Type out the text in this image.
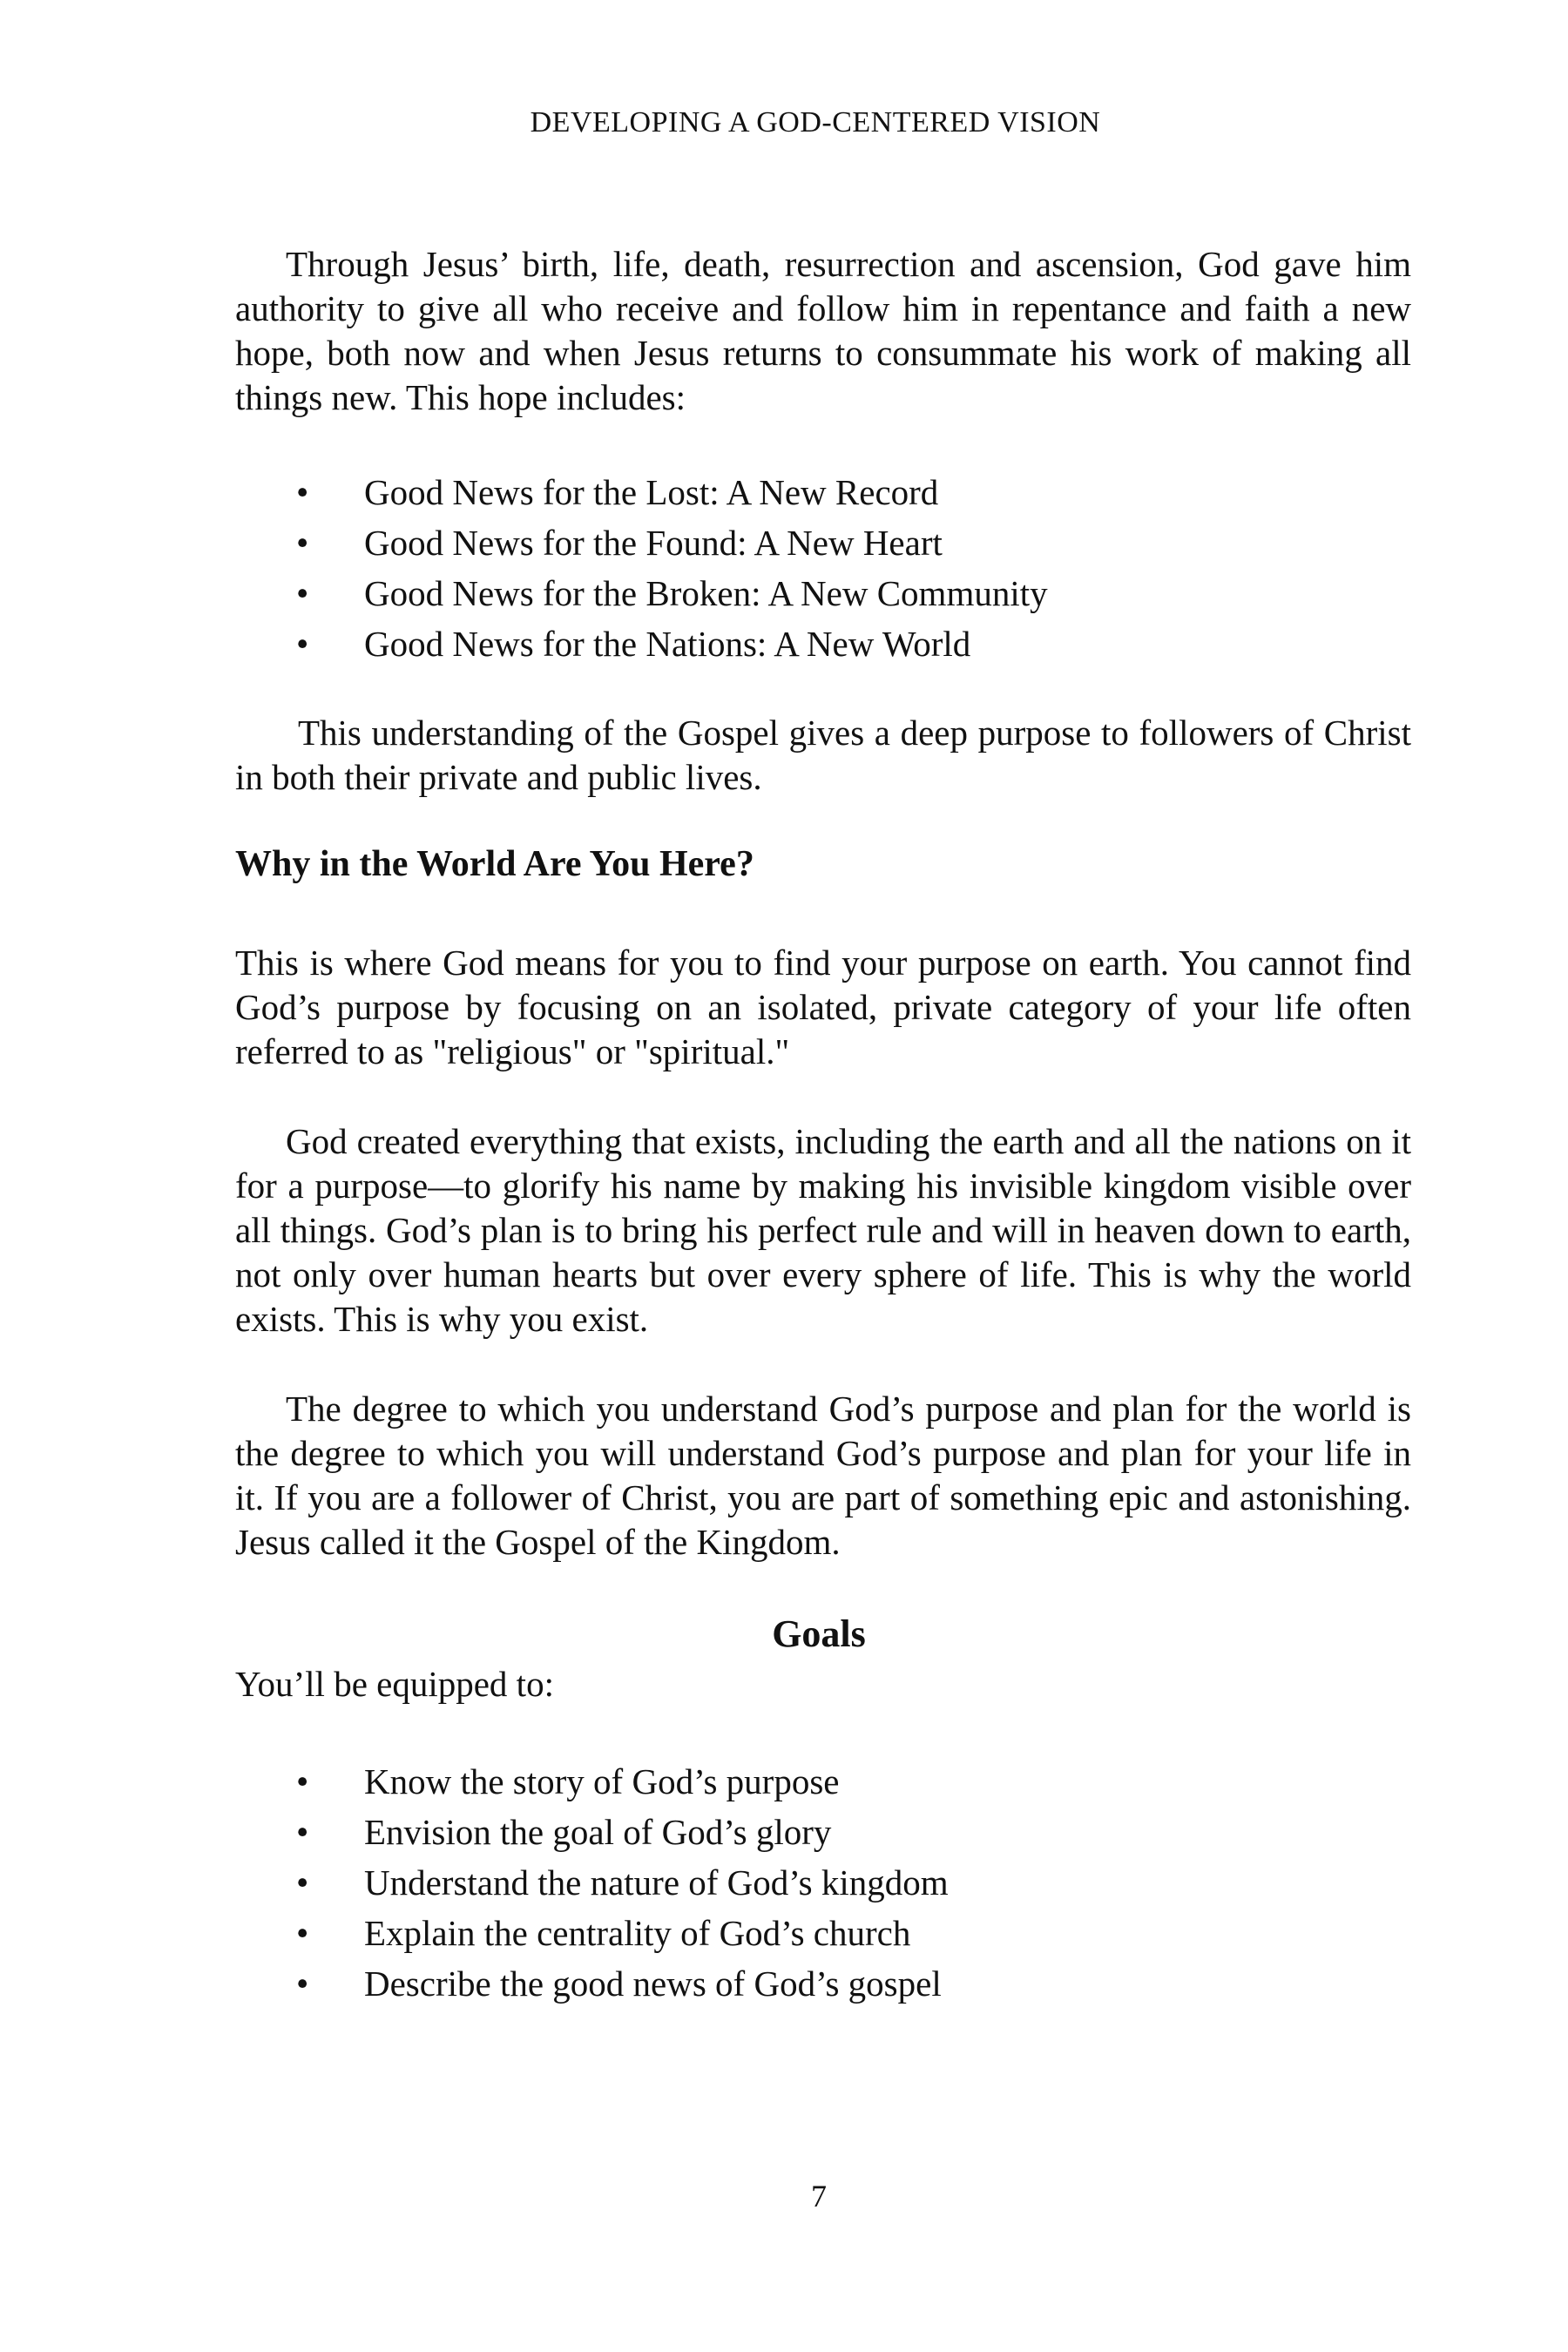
DEVELOPING A GOD-CENTERED VISION

Through Jesus’ birth, life, death, resurrection and ascension, God gave him authority to give all who receive and follow him in repentance and faith a new hope, both now and when Jesus returns to consummate his work of making all things new. This hope includes:

• Good News for the Lost: A New Record
• Good News for the Found: A New Heart
• Good News for the Broken: A New Community
• Good News for the Nations: A New World

This understanding of the Gospel gives a deep purpose to followers of Christ in both their private and public lives.

Why in the World Are You Here?

This is where God means for you to find your purpose on earth. You cannot find God’s purpose by focusing on an isolated, private category of your life often referred to as "religious" or "spiritual."

God created everything that exists, including the earth and all the nations on it for a purpose—to glorify his name by making his invisible kingdom visible over all things. God’s plan is to bring his perfect rule and will in heaven down to earth, not only over human hearts but over every sphere of life. This is why the world exists. This is why you exist.

The degree to which you understand God’s purpose and plan for the world is the degree to which you will understand God’s purpose and plan for your life in it. If you are a follower of Christ, you are part of something epic and astonishing. Jesus called it the Gospel of the Kingdom.

Goals

You’ll be equipped to:

• Know the story of God’s purpose
• Envision the goal of God’s glory
• Understand the nature of God’s kingdom
• Explain the centrality of God’s church
• Describe the good news of God’s gospel
7
